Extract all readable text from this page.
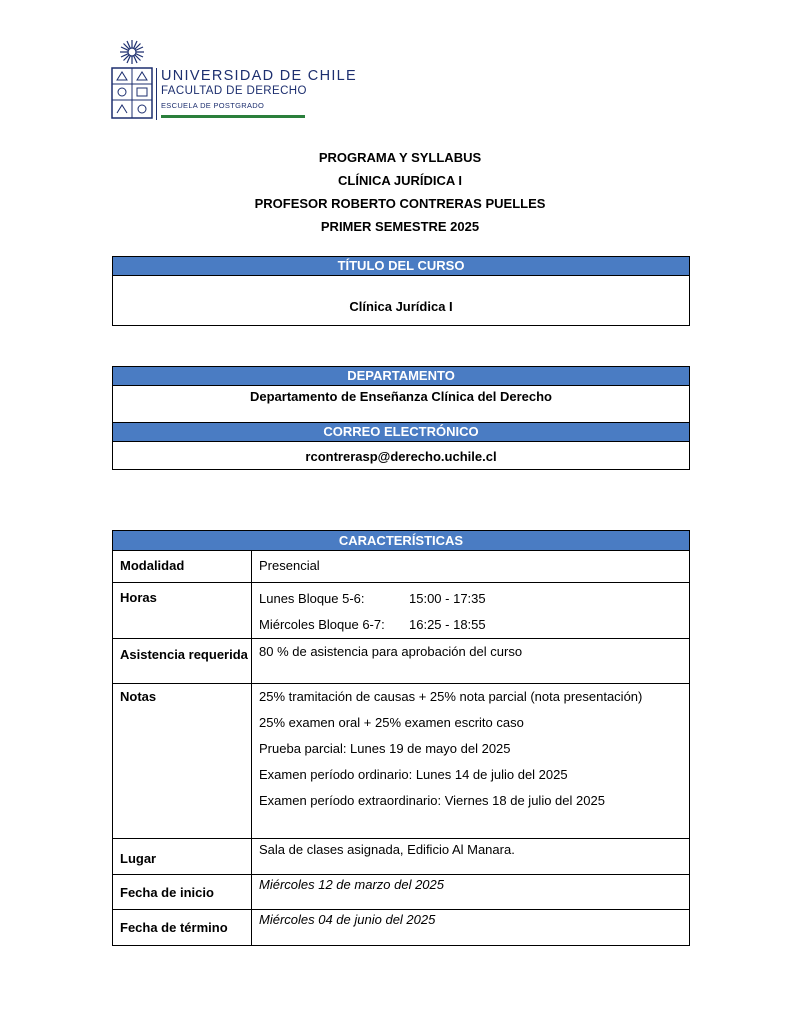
UNIVERSIDAD DE CHILE
FACULTAD DE DERECHO
ESCUELA DE POSTGRADO
PROGRAMA Y SYLLABUS
CLÍNICA JURÍDICA I
PROFESOR ROBERTO CONTRERAS PUELLES
PRIMER SEMESTRE 2025
TÍTULO DEL CURSO
Clínica Jurídica I
DEPARTAMENTO
Departamento de Enseñanza Clínica del Derecho
CORREO ELECTRÓNICO
rcontrerasp@derecho.uchile.cl
CARACTERÍSTICAS
Modalidad	Presencial
Horas	Lunes Bloque 5-6: 15:00 - 17:35
Miércoles Bloque 6-7: 16:25 - 18:55

Asistencia requerida	80 % de asistencia para aprobación del curso
Notas	25% tramitación de causas + 25% nota parcial (nota presentación)
25% examen oral + 25% examen escrito caso
Prueba parcial: Lunes 19 de mayo del 2025
Examen período ordinario: Lunes 14 de julio del 2025
Examen período extraordinario: Viernes 18 de julio del 2025

Lugar	Sala de clases asignada, Edificio Al Manara.
Fecha de inicio	Miércoles 12 de marzo del 2025
Fecha de término	Miércoles 04 de junio del 2025
